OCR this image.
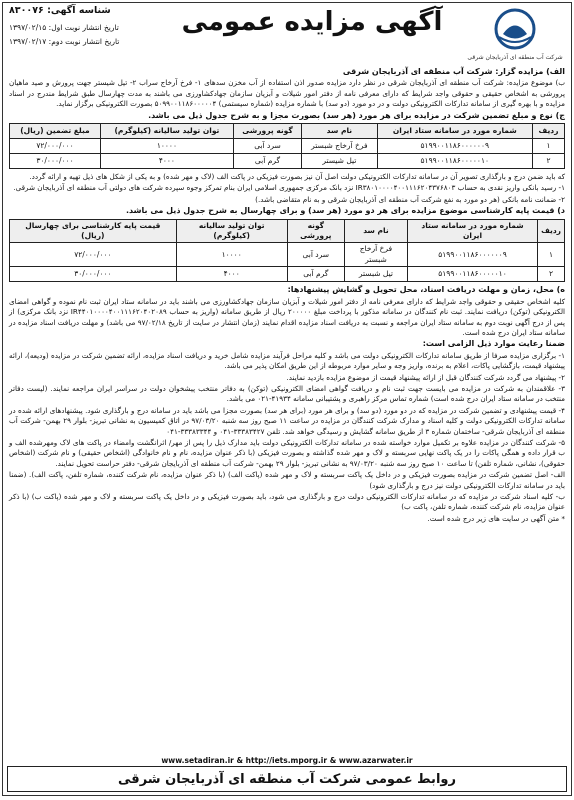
شناسه آگهی: ۸۳۰۰۷۶
تاریخ انتشار نوبت اول: ۱۳۹۷/۰۲/۱۵
تاریخ انتشار نوبت دوم: ۱۳۹۷/۰۲/۱۷
آگهی مزایده عمومی
شرکت آب منطقه ای آذربایجان شرقی

الف) مزایده گزار: شرکت آب منطقه ای آذربایجان شرقی

ب) موضوع مزایده: شرکت آب منطقه ای آذربایجان شرقی در نظر دارد مزایده صدور اذن استفاده از آب مخزن سدهای ۱- فرخ آرخاج سراب ۲- تیل شیستر جهت پرورش و صید ماهیان پرورشی به اشخاص حقیقی و حقوقی واجد شرایط که دارای معرفی نامه از دفتر امور شیلات و آبزیان سازمان جهادکشاورزی می باشند به مدت چهارسال طبق شرایط مندرج در اسناد مزایده و با بهره گیری از سامانه تدارکات الکترونیکی دولت و در دو مورد (دو سد) با شماره مزایده (شماره سیستمی) ۵۰۹۹۰۰۱۱۸۶۰۰۰۰۰۴ بصورت الکترونیکی برگزار نماید.

ج) نوع و مبلغ تضمین شرکت در مزایده برای هر مورد (هر سد) بصورت مجزا و به شرح جدول ذیل می باشد.

ردیف	شماره مورد در سامانه ستاد ایران	نام سد	گونه پرورشی	توان تولید سالیانه (کیلوگرم)	مبلغ تضمین (ریال)
۱	۵۱۹۹۰۰۱۱۸۶۰۰۰۰۰۰۹	فرخ آرخاج شبستر	سرد آبی	۱۰۰۰۰	۷۲/۰۰۰/۰۰۰
۲	۵۱۹۹۰۰۱۱۸۶۰۰۰۰۰۱۰	تیل شیستر	گرم آبی	۴۰۰۰	۳۰/۰۰۰/۰۰۰

که باید ضمن درج و بارگذاری تصویر آن در سامانه تدارکات الکترونیکی دولت اصل آن نیز بصورت فیزیکی در پاکت الف (لاک و مهر شده) و به یکی از شکل های ذیل تهیه و ارائه گردد.

۱- رسید بانکی واریز نقدی به حساب IR۳۸۰۱۰۰۰۰۴۰۰۱۱۱۶۲۰۴۳۷۶۸۰۳ نزد بانک مرکزی جمهوری اسلامی ایران بنام تمرکز وجوه سپرده شرکت های دولتی آب منطقه ای آذربایجان شرقی.

۲- ضمانت نامه بانکی (هر دو مورد به نفع شرکت آب منطقه ای آذربایجان شرقی و به نام متقاضی باشد.)

د) قیمت پایه کارشناسی موضوع مزایده برای هر دو مورد (هر سد) و برای چهارسال به شرح جدول ذیل می باشد.

ردیف	شماره مورد در سامانه ستاد ایران	نام سد	گونه پرورشی	توان تولید سالیانه (کیلوگرم)	قیمت پایه کارشناسی برای چهارسال (ریال)
۱	۵۱۹۹۰۰۱۱۸۶۰۰۰۰۰۰۹	فرخ آرخاج شبستر	سرد آبی	۱۰۰۰۰	۷۲/۰۰۰/۰۰۰
۲	۵۱۹۹۰۰۱۱۸۶۰۰۰۰۰۱۰	تیل شبستر	گرم آبی	۴۰۰۰	۳۰/۰۰۰/۰۰۰

ه) محل، زمان و مهلت دریافت اسناد، محل تحویل و گشایش پیشنهادها:

کلیه اشخاص حقیقی و حقوقی واجد شرایط که دارای معرفی نامه از دفتر امور شیلات و آبزیان سازمان جهادکشاورزی می باشند باید در سامانه ستاد ایران ثبت نام نموده و گواهی امضای الکترونیکی (توکن) دریافت نمایند. ثبت نام کنندگان در سامانه مذکور با پرداخت مبلغ ۲۰۰۰۰۰ ریال از طریق سامانه (واریز به حساب IR۴۴۰۱۰۰۰۰۴۰۰۱۱۱۶۲۰۴۰۲۰۸۹ نزد بانک مرکزی) از پس از درج آگهی نوبت دوم به سامانه ستاد ایران مراجعه و نسبت به دریافت اسناد مزایده اقدام نمایند (زمان انتشار در سایت از تاریخ ۹۷/۰۲/۱۸ می باشد) و مهلت دریافت اسناد مزایده در سامانه ستاد ایران درج شده است.

ضمنا رعایت موارد ذیل الزامی است:

۱- برگزاری مزایده صرفا از طریق سامانه تدارکات الکترونیکی دولت می باشد و کلیه مراحل فرآیند مزایده شامل خرید و دریافت اسناد مزایده، ارائه تضمین شرکت در مزایده (ودیعه)، ارائه پیشنهاد قیمت، بازگشایی پاکات، اعلام به برنده، واریز وجه و سایر موارد مربوطه از این طریق امکان پذیر می باشد.

۲- پیشنهاد می گردد شرکت کنندگان قبل از ارائه پیشنهاد قیمت از موضوع مزایده بازدید نمایند.

۳- علاقمندان به شرکت در مزایده می بایست جهت ثبت نام و دریافت گواهی امضای الکترونیکی (توکن) به دفاتر منتخب پیشخوان دولت در سراسر ایران مراجعه نمایند. (لیست دفاتر منتخب در سامانه ستاد ایران درج شده است) شماره تماس مرکز راهبری و پشتیبانی سامانه ۴۱۹۳۴-۰۲۱ می باشد.

۴- قیمت پیشنهادی و تضمین شرکت در مزایده که در دو مورد (دو سد) و برای هر مورد (برای هر سد) بصورت مجزا می باشد باید در سامانه درج و بارگذاری شود. پیشنهادهای ارائه شده در سامانه تدارکات الکترونیکی دولت و کلیه اسناد و مدارک شرکت کنندگان در مزایده در ساعت ۱۱ صبح روز سه شنبه ۹۷/۰۳/۲۰ در اتاق کمیسیون به نشانی تبریز- بلوار ۲۹ بهمن- شرکت آب منطقه ای آذربایجان شرقی- ساختمان شماره ۳ از طریق سامانه گشایش و رسیدگی خواهد شد. تلفن ۳۳۳۸۳۴۲۷-۰۴۱ و ۳۳۳۸۳۳۴۴-۰۴۱

۵- شرکت کنندگان در مزایده علاوه بر تکمیل موارد خواسته شده در سامانه تدارکات الکترونیکی دولت باید مدارک ذیل را پس از مهر/ اثرانگشت وامضاء در پاکت های لاک ومهرشده الف و ب قرار داده و همگی پاکات را در یک پاکت نهایی سربسته و لاک و مهر شده گذاشته و بصورت فیزیکی (با ذکر عنوان مزایده، نام و نام خانوادگی (اشخاص حقیقی) و نام شرکت (اشخاص حقوقی)، نشانی، شماره تلفن) تا ساعت ۱۰ صبح روز سه شنبه ۹۷/۰۳/۲۰ به نشانی تبریز- بلوار ۲۹ بهمن- شرکت آب منطقه ای آذربایجان شرقی- دفتر حراست تحویل نمایند.

الف- اصل تضمین شرکت در مزایده بصورت فیزیکی و در داخل یک پاکت سربسته و لاک و مهر شده (پاکت الف) (با ذکر عنوان مزایده، نام شرکت کننده، شماره تلفن، پاکت الف). (ضمنا باید در سامانه تدارکات الکترونیکی دولت نیز درج و بارگذاری شود)

ب- کلیه اسناد شرکت در مزایده که در سامانه تدارکات الکترونیکی دولت درج و بارگذاری می شود، باید بصورت فیزیکی و در داخل یک پاکت سربسته و لاک و مهر شده (پاکت ب) (با ذکر عنوان مزایده، نام شرکت کننده، شماره تلفن، پاکت ب)

* متن آگهی در سایت های زیر درج شده است.

www.setadiran.ir & http://iets.mporg.ir & www.azarwater.ir
روابط عمومی شرکت آب منطقه ای آذربایجان شرقی
